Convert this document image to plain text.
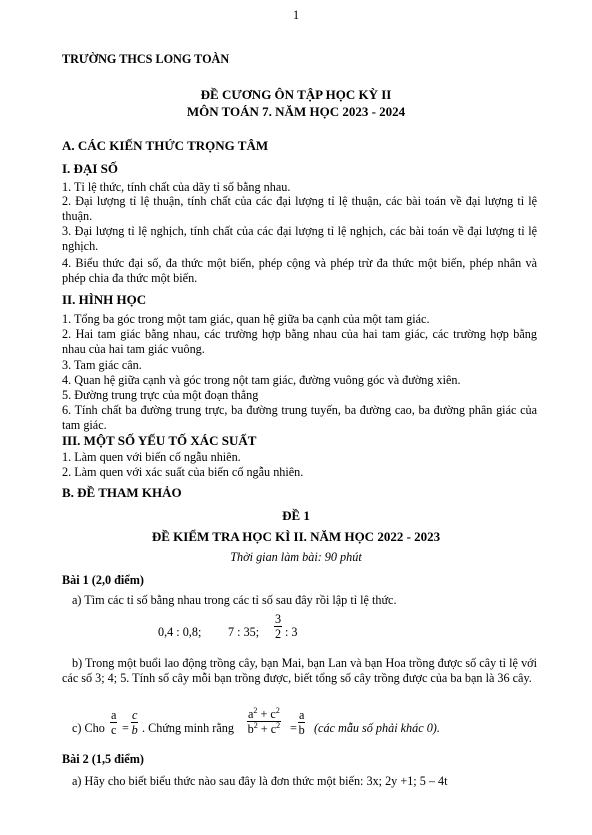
1
TRƯỜNG THCS LONG TOÀN
ĐỀ CƯƠNG ÔN TẬP HỌC KỲ II
MÔN TOÁN 7. NĂM HỌC 2023 - 2024
A. CÁC KIẾN THỨC TRỌNG TÂM
I. ĐẠI SỐ
1. Tỉ lệ thức, tính chất của dãy tỉ số bằng nhau.
2. Đại lượng tỉ lệ thuận, tính chất của các đại lượng tỉ lệ thuận, các bài toán về đại lượng tỉ lệ thuận.
3. Đại lượng tỉ lệ nghịch, tính chất của các đại lượng tỉ lệ nghịch, các bài toán về đại lượng tỉ lệ nghịch.
4. Biểu thức đại số, đa thức một biến, phép cộng và phép trừ đa thức một biến, phép nhân và phép chia đa thức một biến.
II. HÌNH HỌC
1. Tổng ba góc trong một tam giác, quan hệ giữa ba cạnh của một tam giác.
2. Hai tam giác bằng nhau, các trường hợp bằng nhau của hai tam giác, các trường hợp bằng nhau của hai tam giác vuông.
3. Tam giác cân.
4. Quan hệ giữa cạnh và góc trong nột tam giác, đường vuông góc và đường xiên.
5. Đường trung trực của một đoạn thẳng
6. Tính chất ba đường trung trực, ba đường trung tuyến, ba đường cao, ba đường phân giác của tam giác.
III. MỘT SỐ YẾU TỐ XÁC SUẤT
1. Làm quen với biến cố ngẫu nhiên.
2. Làm quen với xác suất của biến cố ngẫu nhiên.
B. ĐỀ THAM KHẢO
ĐỀ 1
ĐỀ KIỂM TRA HỌC KÌ II. NĂM HỌC 2022 - 2023
Thời gian làm bài: 90 phút
Bài 1 (2,0 điểm)
a) Tìm các tỉ số bằng nhau trong các tỉ số sau đây rồi lập tỉ lệ thức.
0,4 : 0,8; 7 : 35; $\frac{3}{2}$ : 3
b) Trong một buổi lao động trồng cây, bạn Mai, bạn Lan và bạn Hoa trồng được số cây tỉ lệ với các số 3; 4; 5. Tính số cây mỗi bạn trồng được, biết tổng số cây trồng được của ba bạn là 36 cây.
c) Cho $\frac{a}{c} = \frac{c}{b}$ . Chứng minh rằng $\frac{a^2 + c^2}{b^2 + c^2} = \frac{a}{b}$ (các mẫu số phải khác 0).
Bài 2 (1,5 điểm)
a) Hãy cho biết biểu thức nào sau đây là đơn thức một biến: 3x; 2y +1; 5 – 4t
